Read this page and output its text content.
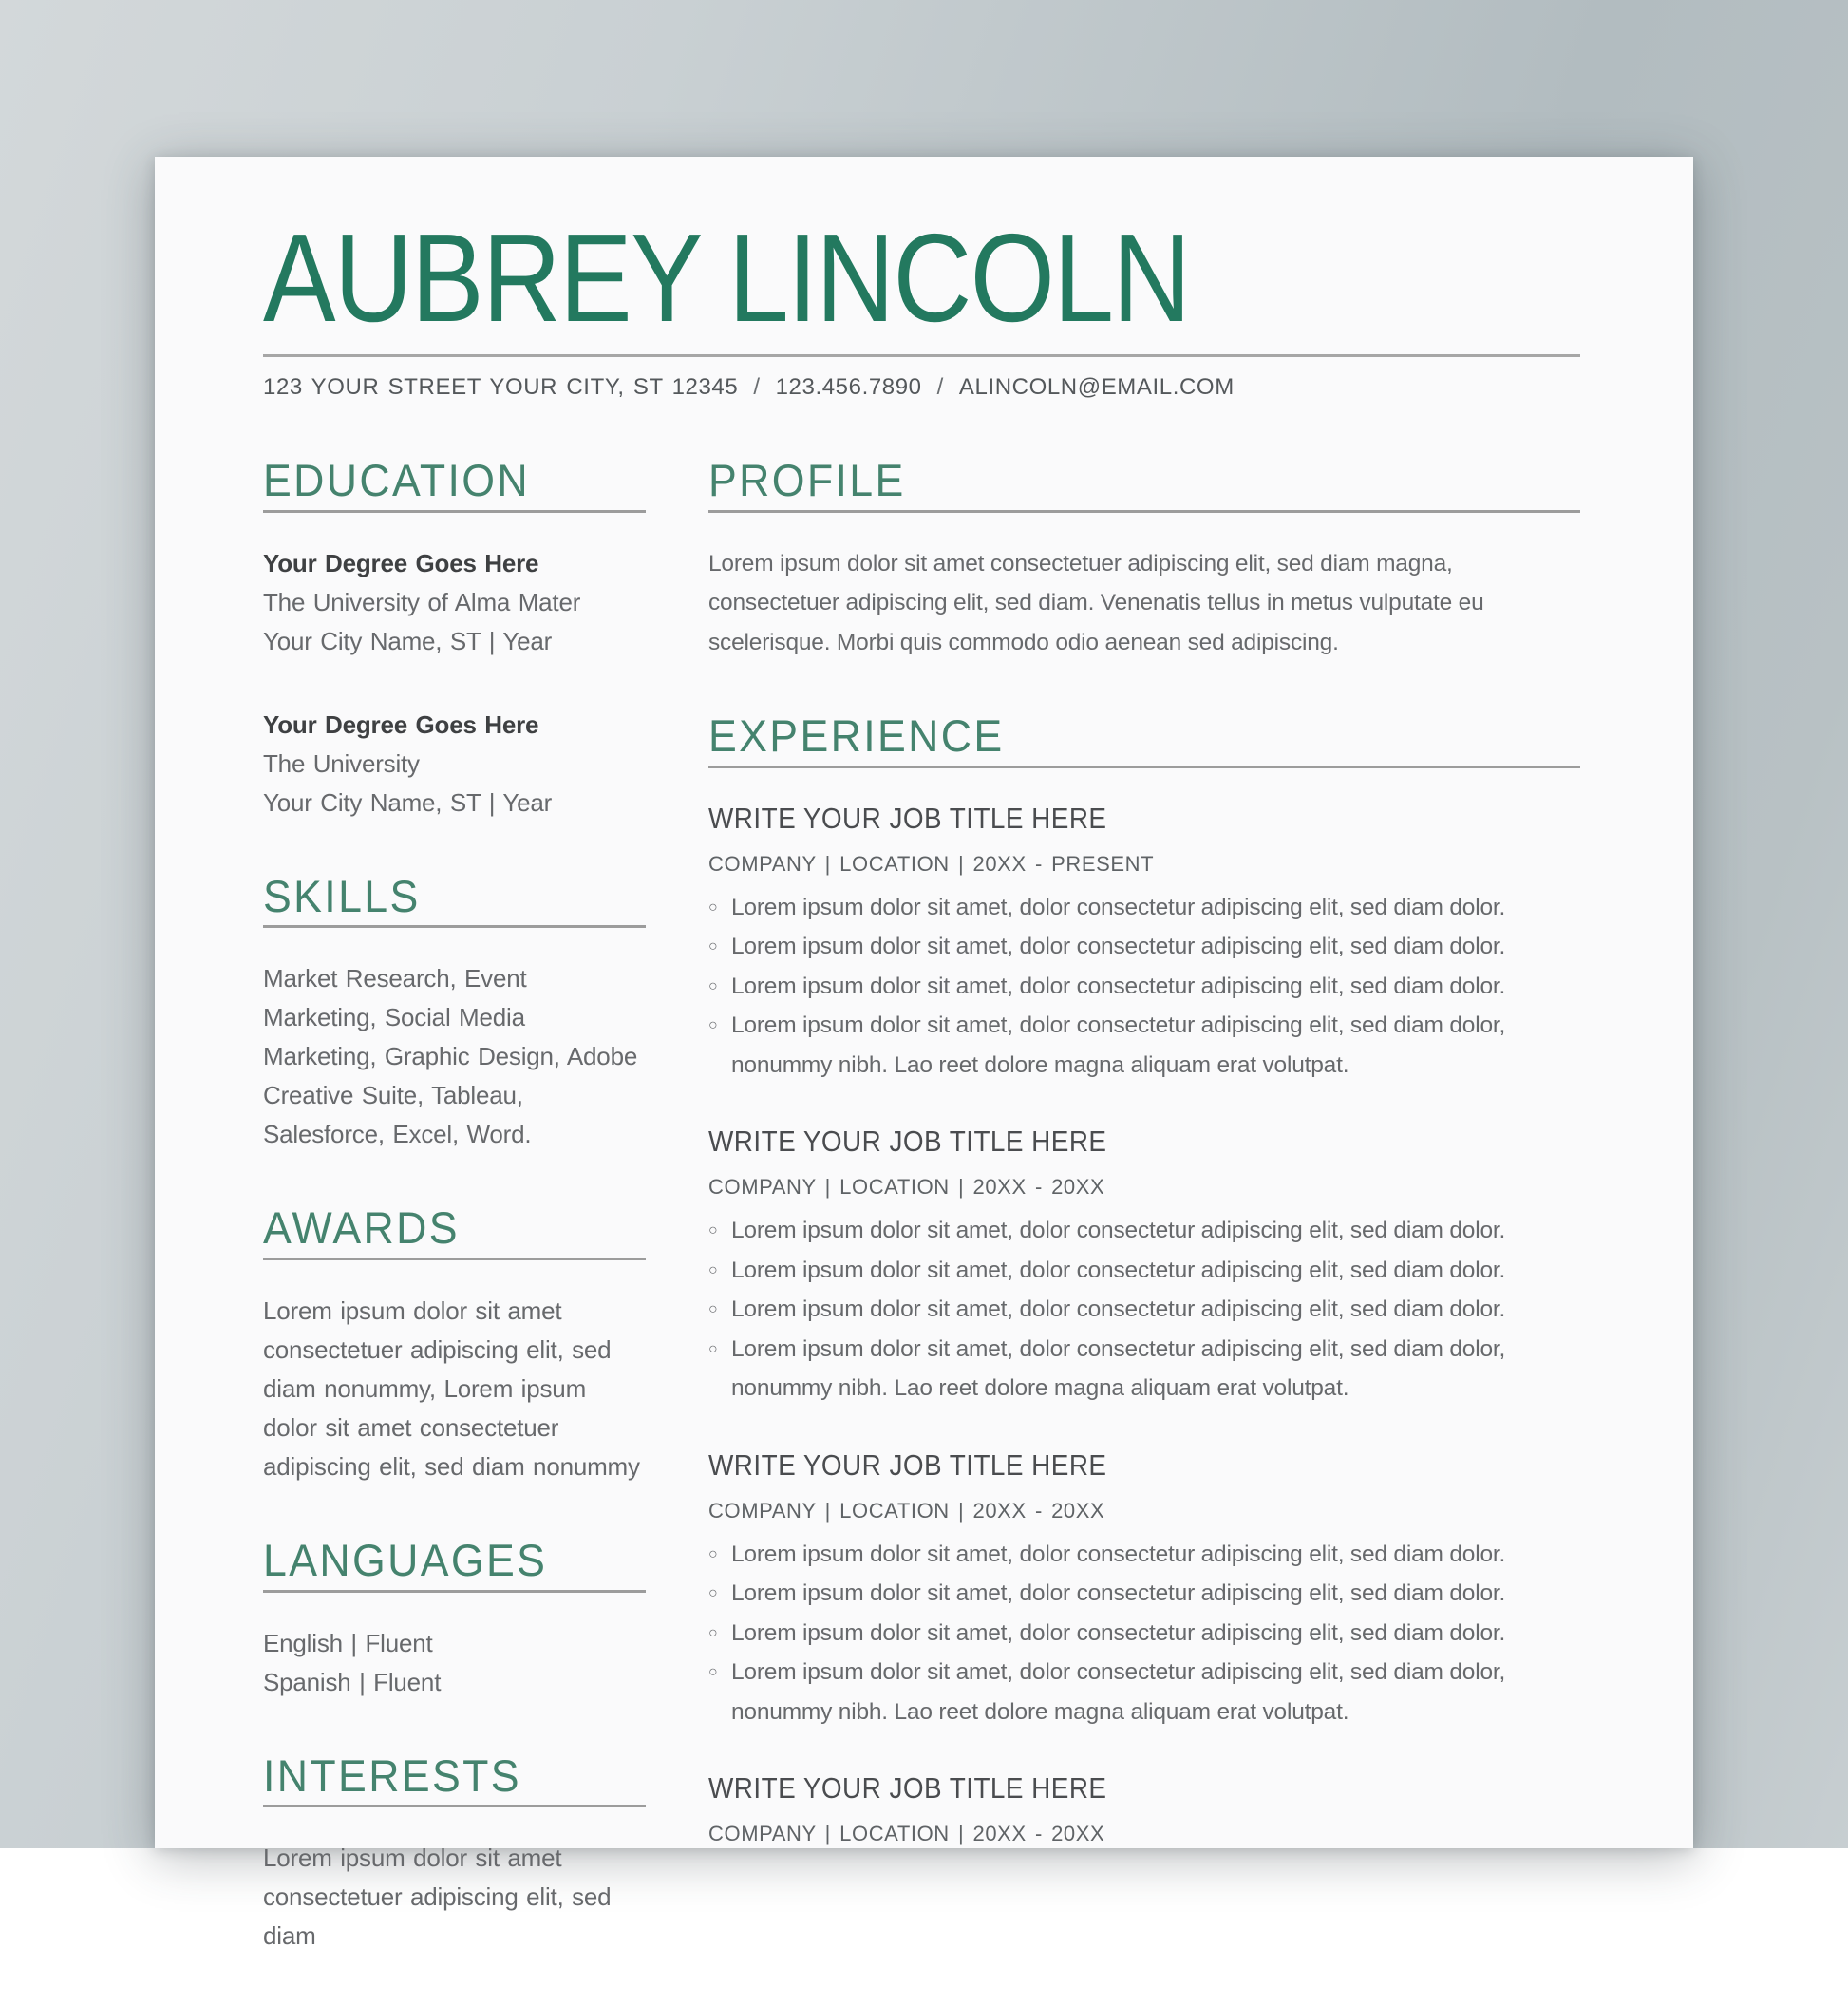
AUBREY LINCOLN
123 YOUR STREET YOUR CITY, ST 12345 / 123.456.7890 / ALINCOLN@EMAIL.COM
EDUCATION
Your Degree Goes Here
The University of Alma Mater
Your City Name, ST | Year
Your Degree Goes Here
The University
Your City Name, ST | Year
SKILLS

Market Research, Event Marketing, Social Media Marketing, Graphic Design, Adobe Creative Suite, Tableau, Salesforce, Excel, Word.

AWARDS

Lorem ipsum dolor sit amet consectetuer adipiscing elit, sed diam nonummy, Lorem ipsum dolor sit amet consectetuer adipiscing elit, sed diam nonummy

LANGUAGES
English | Fluent
Spanish | Fluent
INTERESTS

Lorem ipsum dolor sit amet consectetuer adipiscing elit, sed diam

PROFILE

Lorem ipsum dolor sit amet consectetuer adipiscing elit, sed diam magna, consectetuer adipiscing elit, sed diam. Venenatis tellus in metus vulputate eu scelerisque. Morbi quis commodo odio aenean sed adipiscing.

EXPERIENCE
WRITE YOUR JOB TITLE HERE
COMPANY | LOCATION | 20XX - PRESENT
○ Lorem ipsum dolor sit amet, dolor consectetur adipiscing elit, sed diam dolor.
○ Lorem ipsum dolor sit amet, dolor consectetur adipiscing elit, sed diam dolor.
○ Lorem ipsum dolor sit amet, dolor consectetur adipiscing elit, sed diam dolor.
○ Lorem ipsum dolor sit amet, dolor consectetur adipiscing elit, sed diam dolor, nonummy nibh. Lao reet dolore magna aliquam erat volutpat.
WRITE YOUR JOB TITLE HERE
COMPANY | LOCATION | 20XX - 20XX
○ Lorem ipsum dolor sit amet, dolor consectetur adipiscing elit, sed diam dolor.
○ Lorem ipsum dolor sit amet, dolor consectetur adipiscing elit, sed diam dolor.
○ Lorem ipsum dolor sit amet, dolor consectetur adipiscing elit, sed diam dolor.
○ Lorem ipsum dolor sit amet, dolor consectetur adipiscing elit, sed diam dolor, nonummy nibh. Lao reet dolore magna aliquam erat volutpat.
WRITE YOUR JOB TITLE HERE
COMPANY | LOCATION | 20XX - 20XX
○ Lorem ipsum dolor sit amet, dolor consectetur adipiscing elit, sed diam dolor.
○ Lorem ipsum dolor sit amet, dolor consectetur adipiscing elit, sed diam dolor.
○ Lorem ipsum dolor sit amet, dolor consectetur adipiscing elit, sed diam dolor.
○ Lorem ipsum dolor sit amet, dolor consectetur adipiscing elit, sed diam dolor, nonummy nibh. Lao reet dolore magna aliquam erat volutpat.
WRITE YOUR JOB TITLE HERE
COMPANY | LOCATION | 20XX - 20XX
